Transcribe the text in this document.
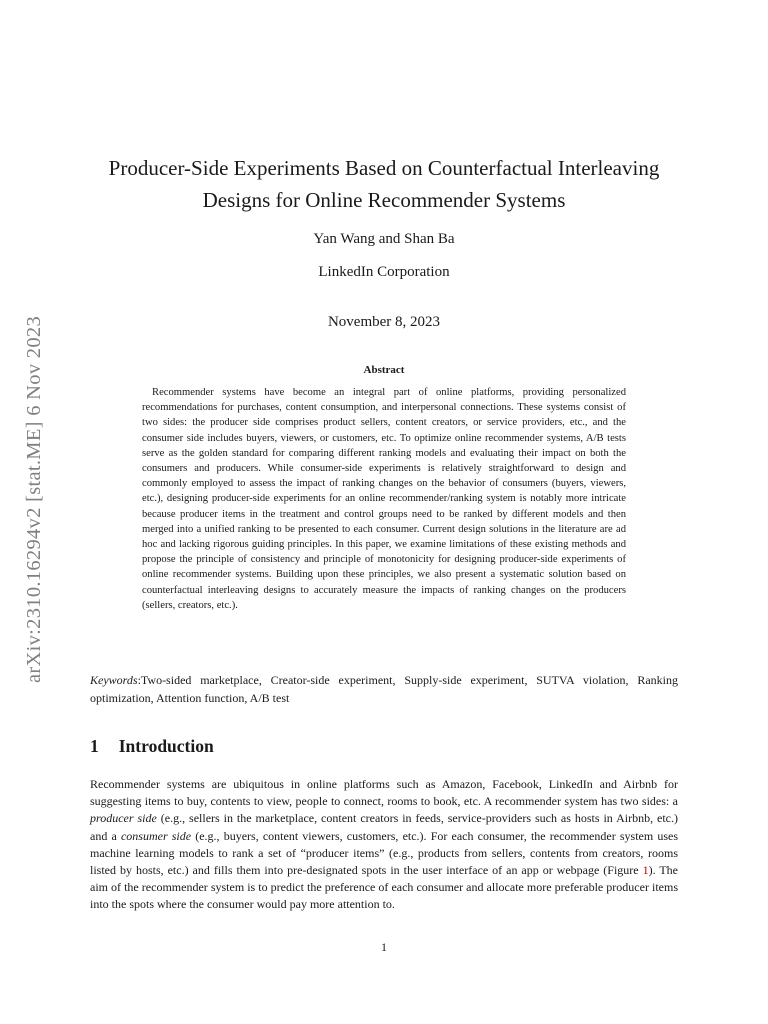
arXiv:2310.16294v2 [stat.ME] 6 Nov 2023
Producer-Side Experiments Based on Counterfactual Interleaving Designs for Online Recommender Systems

Yan Wang and Shan Ba

LinkedIn Corporation

November 8, 2023

Abstract

Recommender systems have become an integral part of online platforms, providing personalized recommendations for purchases, content consumption, and interpersonal connections. These systems consist of two sides: the producer side comprises product sellers, content creators, or service providers, etc., and the consumer side includes buyers, viewers, or customers, etc. To optimize online recommender systems, A/B tests serve as the golden standard for comparing different ranking models and evaluating their impact on both the consumers and producers. While consumer-side experiments is relatively straightforward to design and commonly employed to assess the impact of ranking changes on the behavior of consumers (buyers, viewers, etc.), designing producer-side experiments for an online recommender/ranking system is notably more intricate because producer items in the treatment and control groups need to be ranked by different models and then merged into a unified ranking to be presented to each consumer. Current design solutions in the literature are ad hoc and lacking rigorous guiding principles. In this paper, we examine limitations of these existing methods and propose the principle of consistency and principle of monotonicity for designing producer-side experiments of online recommender systems. Building upon these principles, we also present a systematic solution based on counterfactual interleaving designs to accurately measure the impacts of ranking changes on the producers (sellers, creators, etc.).

Keywords:Two-sided marketplace, Creator-side experiment, Supply-side experiment, SUTVA violation, Ranking optimization, Attention function, A/B test

1 Introduction

Recommender systems are ubiquitous in online platforms such as Amazon, Facebook, LinkedIn and Airbnb for suggesting items to buy, contents to view, people to connect, rooms to book, etc. A recommender system has two sides: a producer side (e.g., sellers in the marketplace, content creators in feeds, service-providers such as hosts in Airbnb, etc.) and a consumer side (e.g., buyers, content viewers, customers, etc.). For each consumer, the recommender system uses machine learning models to rank a set of “producer items” (e.g., products from sellers, contents from creators, rooms listed by hosts, etc.) and fills them into pre-designated spots in the user interface of an app or webpage (Figure 1). The aim of the recommender system is to predict the preference of each consumer and allocate more preferable producer items into the spots where the consumer would pay more attention to.

1
